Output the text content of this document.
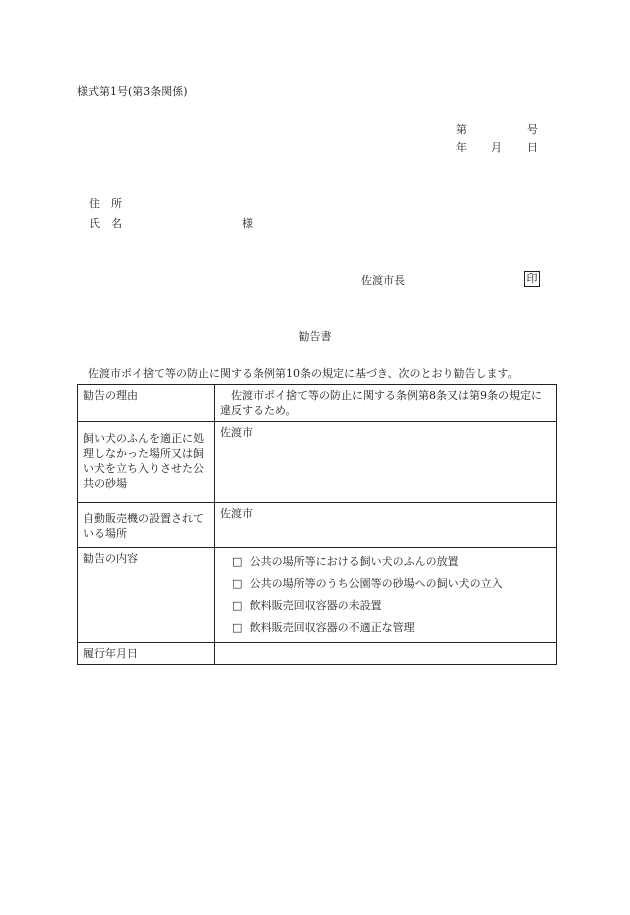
様式第1号(第3条関係)
第	号
年 月 日
住　所
氏　名	様
佐渡市長	印
勧告書
佐渡市ポイ捨て等の防止に関する条例第10条の規定に基づき、次のとおり勧告します。
勧告の理由	佐渡市ポイ捨て等の防止に関する条例第8条又は第9条の規定に違反するため。

飼い犬のふんを適正に処理しなかった場所又は飼い犬を立ち入りさせた公共の砂場	佐渡市
自動販売機の設置されている場所	佐渡市
勧告の内容	□ 公共の場所等における飼い犬のふんの放置
□ 公共の場所等のうち公園等の砂場への飼い犬の立入
□ 飲料販売回収容器の未設置
□ 飲料販売回収容器の不適正な管理

履行年月日	
